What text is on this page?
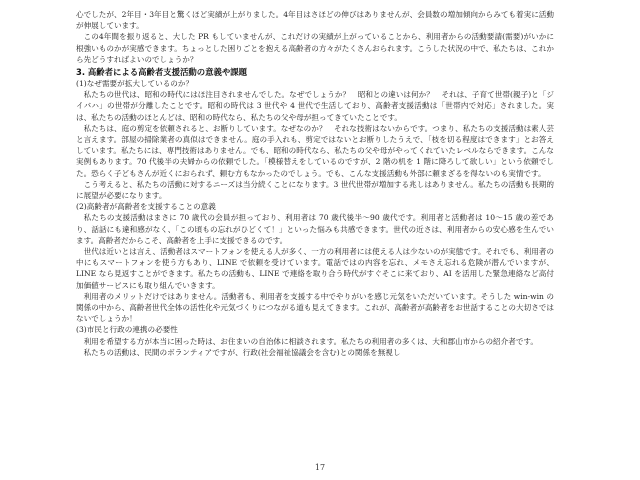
心でしたが、2年目・3年目と驚くほど実績が上がりました。4年目はさほどの伸びはありませんが、会員数の増加傾向からみても着実に活動が伸展しています。

この4年間を振り返ると、大した PR もしていませんが、これだけの実績が上がっていることから、利用者からの活動要請(需要)がいかに根強いものかが実感できます。ちょっとした困りごとを抱える高齢者の方々がたくさんおられます。こうした状況の中で、私たちは、これから先どうすればよいのでしょうか？

3. 高齢者による高齢者支援活動の意義や課題

(1)なぜ需要が拡大しているのか？

私たちの世代は、昭和の時代にはほ注目されませんでした。なぜでしょうか？　昭和との違いは何か？　それは、子育て世帯(親子)と「ジイバハ」の世帯が分離したことです。昭和の時代は 3 世代や 4 世代で生活しており、高齢者支援活動は「世帯内で対応」されました。実は、私たちの活動のほとんどは、昭和の時代なら、私たちの父や母が担ってきていたことです。

私たちは、庭の剪定を依頼されると、お断りしています。なぜなのか？　それな技術はないからです。つまり、私たちの支援活動は素人芸と言えます。部屋の掃除業者の真似はできません。庭の手入れも、剪定ではないとお断りしたうえで、「枝を切る程度はできます」とお答えしています。私たちには、専門技術はありません。でも、昭和の時代なら、私たちの父や母がやってくれていたレベルならできます。こんな実例もあります。70 代後半の夫婦からの依頼でした。「模様替えをしているのですが、2 階の机を 1 階に降ろして欲しい」という依頼でした。恐らく子どもさんが近くにおられず、頼む方もなかったのでしょう。でも、こんな支援活動も外部に頼まざるを得ないのも実情です。

こう考えると、私たちの活動に対するニーズは当分続くことになります。3 世代世帯が増加する兆しはありません。私たちの活動も長期的に展望が必要になります。

(2)高齢者が高齢者を支援することの意義

私たちの支援活動はまさに 70 歳代の会員が担っており、利用者は 70 歳代後半〜90 歳代です。利用者と活動者は 10〜15 歳の差であり、話話にも違和感がなく、「この頃もの忘れがひどくて！」といった悩みも共感できます。世代の近さは、利用者からの安心感を生んでいます。高齢者だからこそ、高齢者を上手に支援できるのです。

世代は近いとは言え、活動者はスマートフォンを使える人が多く、一方の利用者には使える人は少ないのが実態です。それでも、利用者の中にもスマートフォンを使う方もあり、LINE で依頼を受けています。電話ではの内容を忘れ、メモさえ忘れる危険が潜んでいますが、LINE なら見返すことができます。私たちの活動も、LINE で連絡を取り合う時代がすぐそこに来ており、AI を活用した緊急連絡など高付加価値サービスにも取り組んでいきます。

利用者のメリットだけではありません。活動者も、利用者を支援する中でやりがいを感じ元気をいただいています。そうした win-win の関係の中から、高齢者世代全体の活性化や元気づくりにつながる道も見えてきます。これが、高齢者が高齢者をお世話することの大切さではないでしょうか！

(3)市民と行政の連携の必要性

利用を希望する方が本当に困った時は、お住まいの自治体に相談されます。私たちの利用者の多くは、大和郡山市からの紹介者です。

私たちの活動は、民間のボランティアですが、行政(社会福祉協議会を含む)との関係を無視し

17
